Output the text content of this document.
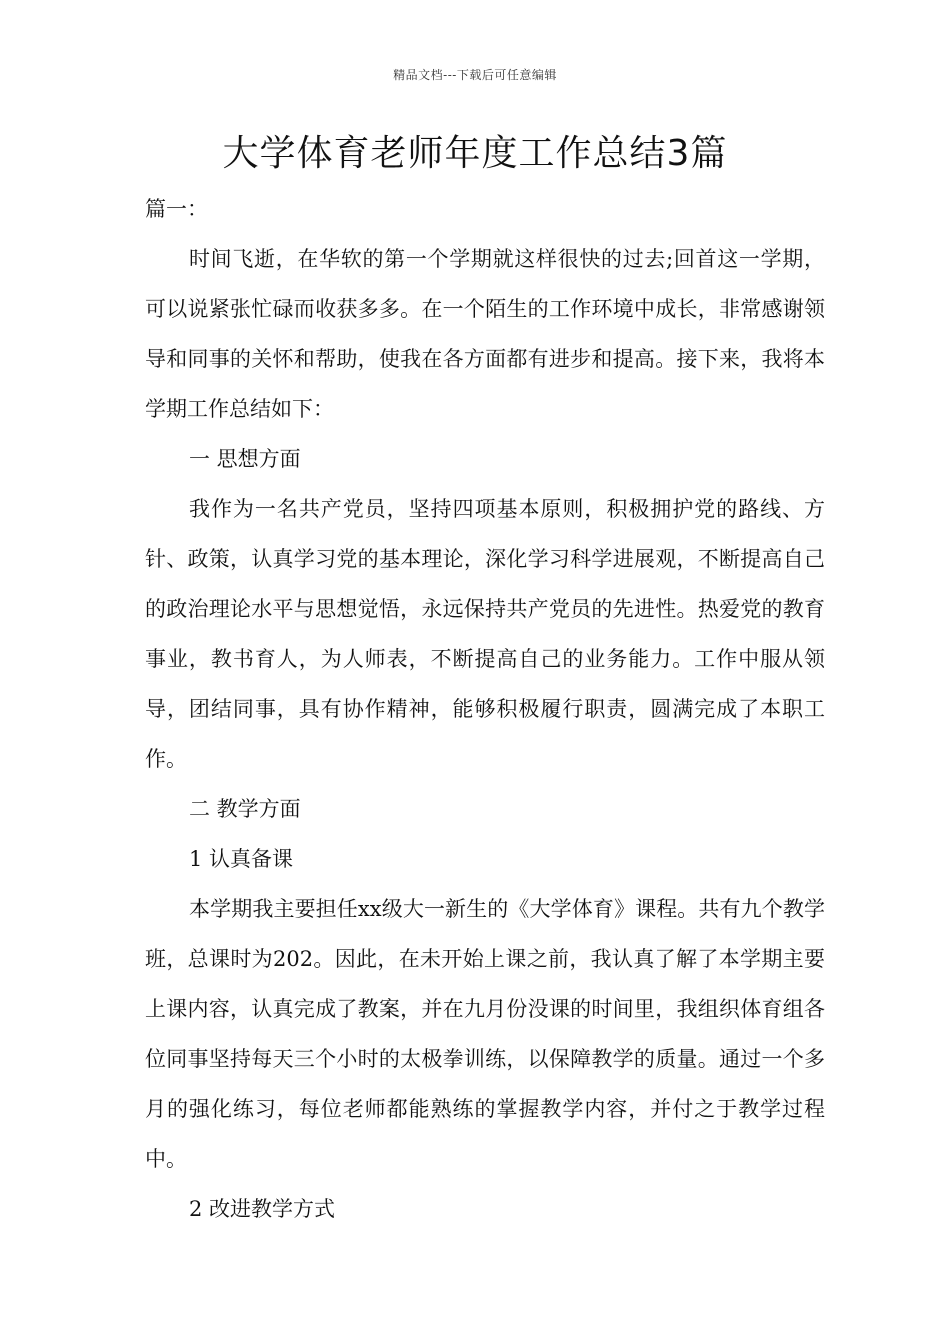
精品文档---下载后可任意编辑
大学体育老师年度工作总结3篇

篇一：

时间飞逝，在华软的第一个学期就这样很快的过去;回首这一学期，可以说紧张忙碌而收获多多。在一个陌生的工作环境中成长，非常感谢领导和同事的关怀和帮助，使我在各方面都有进步和提高。接下来，我将本学期工作总结如下：

一 思想方面

我作为一名共产党员，坚持四项基本原则，积极拥护党的路线、方针、政策，认真学习党的基本理论，深化学习科学进展观，不断提高自己的政治理论水平与思想觉悟，永远保持共产党员的先进性。热爱党的教育事业，教书育人，为人师表，不断提高自己的业务能力。工作中服从领导，团结同事，具有协作精神，能够积极履行职责，圆满完成了本职工作。

二 教学方面

1 认真备课

本学期我主要担任xx级大一新生的《大学体育》课程。共有九个教学班，总课时为202。因此，在未开始上课之前，我认真了解了本学期主要上课内容，认真完成了教案，并在九月份没课的时间里，我组织体育组各位同事坚持每天三个小时的太极拳训练，以保障教学的质量。通过一个多月的强化练习，每位老师都能熟练的掌握教学内容，并付之于教学过程中。

2 改进教学方式
